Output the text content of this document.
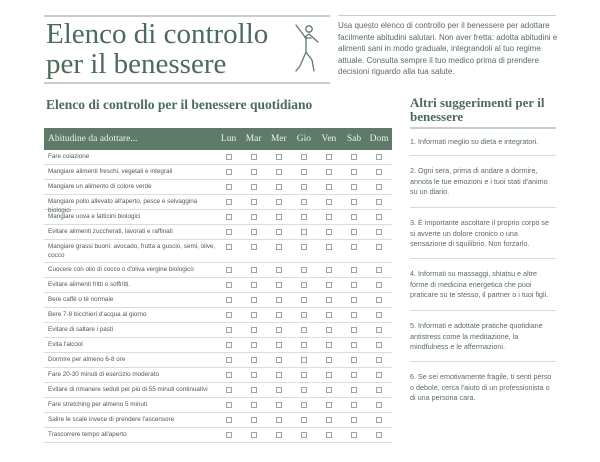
Elenco di controllo per il benessere
Usa questo elenco di controllo per il benessere per adottare facilmente abitudini salutari. Non aver fretta: adotta abitudini e alimenti sani in modo graduale, integrandoli al tuo regime attuale. Consulta sempre il tuo medico prima di prendere decisioni riguardo alla tua salute.
Elenco di controllo per il benessere quotidiano
Abitudine da adottare...	Lun	Mar Mer	Gio	Ven	Sab Dom
Fare colazione
Mangiare alimenti freschi, vegetali e integrali
Mangiare un alimento di colore verde
Mangiare pollo allevato all'aperto, pesce e selvaggina biologici
Mangiare uova e latticini biologici
Evitare alimenti zuccherati, lavorati e raffinati
Mangiare grassi buoni: avocado, frutta a guscio, semi, olive, cocco
Cuocere con olio di cocco o d'oliva vergine biologico
Evitare alimenti fritti o soffritti.
Bere caffè o tè normale
Bere 7-8 bicchieri d'acqua al giorno
Evitare di saltare i pasti
Evita l'alcool
Dormire per almeno 6-8 ore
Fare 20-30 minuti di esercizio moderato
Evitare di rimanere seduti per più di 55 minuti continuativi
Fare stretching per almeno 5 minuti
Salire le scale invece di prendere l'ascensore
Trascorrere tempo all'aperto
Altri suggerimenti per il benessere
1. Informati meglio su dieta e integratori.
2. Ogni sera, prima di andare a dormire, annota le tue emozioni e i tuoi stati d'animo su un diario.
3. È importante ascoltare il proprio corpo se si avverte un dolore cronico o una sensazione di squilibrio. Non forzarlo.
4. Informati su massaggi, shiatsu e altre forme di medicina energetica che puoi praticare su te stesso, il partner o i tuoi figli.
5. Informati e adottate pratiche quotidiane antistress come la meditazione, la mindfulness e le affermazioni.
6. Se sei emotivamente fragile, ti senti perso o debole, cerca l'aiuto di un professionista o di una persona cara.
